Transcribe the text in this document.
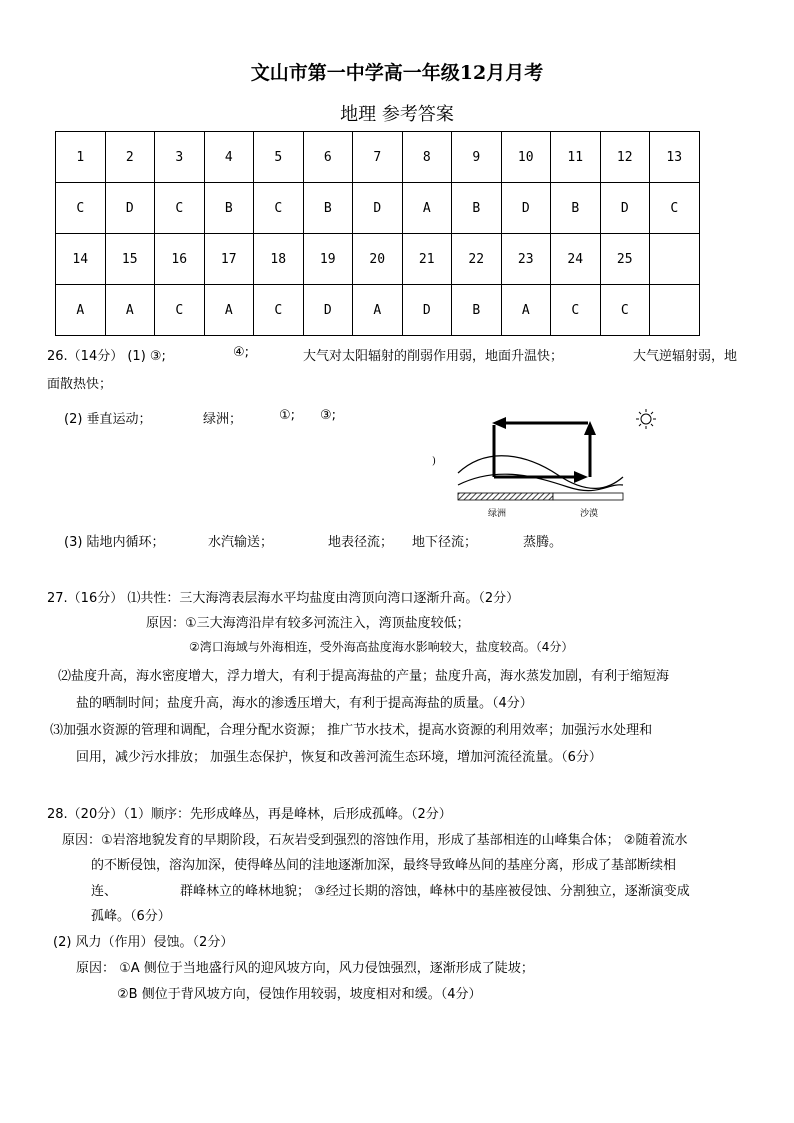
文山市第一中学高一年级12月月考
地理 参考答案
1	2	3	4	5	6	7	8	9	10	11	12	13
C	D	C	B	C	B	D	A	B	D	B	D	C
14	15	16	17	18	19	20	21	22	23	24	25	
A	A	C	A	C	D	A	D	B	A	C	C	
26.（14分） (1) ③;	④;	大气对太阳辐射的削弱作用弱，地面升温快；	大气逆辐射弱，地
面散热快；
(2) 垂直运动；	绿洲；	①; ③;
)
绿洲	沙漠
(3) 陆地内循环；	水汽输送；	地表径流； 地下径流；	蒸腾。
27.（16分） ⑴共性：三大海湾表层海水平均盐度由湾顶向湾口逐渐升高。（2分）
原因：①三大海湾沿岸有较多河流注入，湾顶盐度较低；
②湾口海域与外海相连，受外海高盐度海水影响较大，盐度较高。（4分）
⑵盐度升高，海水密度增大，浮力增大，有利于提高海盐的产量；盐度升高，海水蒸发加剧，有利于缩短海
盐的晒制时间；盐度升高，海水的渗透压增大，有利于提高海盐的质量。（4分）
⑶加强水资源的管理和调配，合理分配水资源； 推广节水技术，提高水资源的利用效率；加强污水处理和
回用，减少污水排放； 加强生态保护，恢复和改善河流生态环境，增加河流径流量。（6分）
28.（20分）（1）顺序：先形成峰丛，再是峰林，后形成孤峰。（2分）
原因：①岩溶地貌发育的早期阶段，石灰岩受到强烈的溶蚀作用，形成了基部相连的山峰集合体； ②随着流水
的不断侵蚀，溶沟加深，使得峰丛间的洼地逐渐加深，最终导致峰丛间的基座分离，形成了基部断续相
连、	群峰林立的峰林地貌； ③经过长期的溶蚀，峰林中的基座被侵蚀、分割独立，逐渐演变成
孤峰。（6分）
(2) 风力（作用）侵蚀。（2分）
原因： ①A 侧位于当地盛行风的迎风坡方向，风力侵蚀强烈，逐渐形成了陡坡；
②B 侧位于背风坡方向，侵蚀作用较弱，坡度相对和缓。（4分）
